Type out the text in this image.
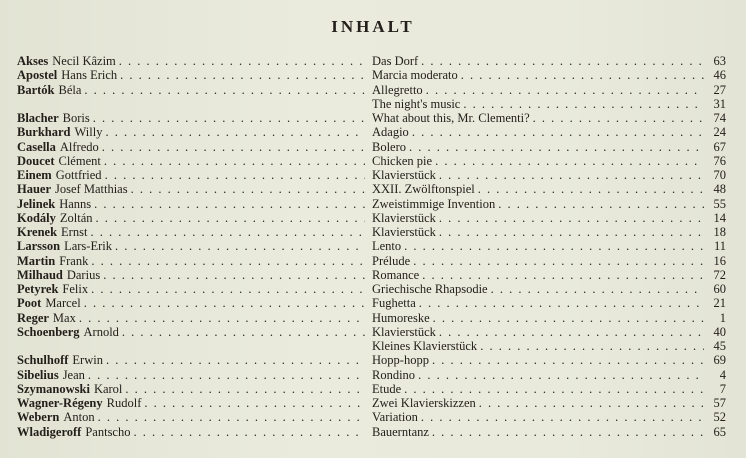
INHALT
Akses Necil Kâzim . . .	Das Dorf . . .	63
Apostel Hans Erich . . .	Marcia moderato . . .	46
Bartók Béla . . .	Allegretto . . .	27
The night's music . . .	31
Blacher Boris . . .	What about this, Mr. Clementi? . . .	74
Burkhard Willy . . .	Adagio . . .	24
Casella Alfredo . . .	Bolero . . .	67
Doucet Clément . . .	Chicken pie . . .	76
Einem Gottfried . . .	Klavierstück . . .	70
Hauer Josef Matthias . . .	XXII. Zwölftonspiel . . .	48
Jelinek Hanns . . .	Zweistimmige Invention . . .	55
Kodály Zoltán . . .	Klavierstück . . .	14
Krenek Ernst . . .	Klavierstück . . .	18
Larsson Lars-Erik . . .	Lento . . .	11
Martin Frank . . .	Prélude . . .	16
Milhaud Darius . . .	Romance . . .	72
Petyrek Felix . . .	Griechische Rhapsodie . . .	60
Poot Marcel . . .	Fughetta . . .	21
Reger Max . . .	Humoreske . . .	1
Schoenberg Arnold . . .	Klavierstück . . .	40
Kleines Klavierstück . . .	45
Schulhoff Erwin . . .	Hopp-hopp . . .	69
Sibelius Jean . . .	Rondino . . .	4
Szymanowski Karol . . .	Etude . . .	7
Wagner-Régeny Rudolf . . .	Zwei Klavierskizzen . . .	57
Webern Anton . . .	Variation . . .	52
Wladigeroff Pantscho . . .	Bauerntanz . . .	65
